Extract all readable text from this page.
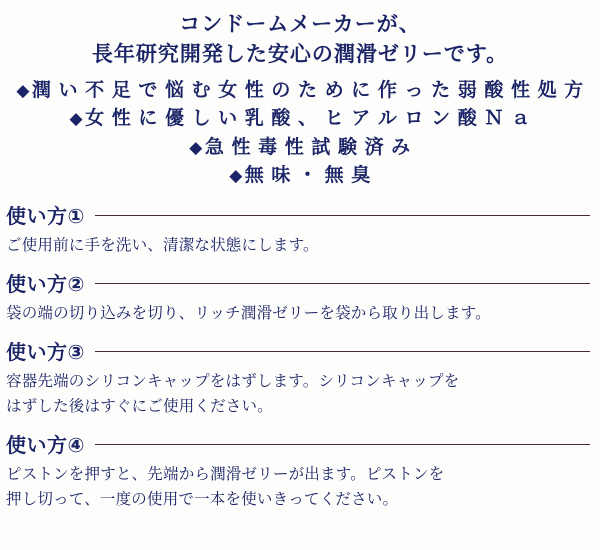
コンドームメーカーが、
長年研究開発した安心の潤滑ゼリーです。
◆ 潤 い 不 足 で 悩 む 女 性 の た め に 作 っ た 弱 酸 性 処 方
◆ 女 性 に 優 し い 乳 酸 、 ヒ ア ル ロ ン 酸 Ｎ ａ
◆ 急 性 毒 性 試 験 済 み
◆ 無 味 ・ 無 臭
使い方①
ご使用前に手を洗い、清潔な状態にします。
使い方②
袋の端の切り込みを切り、リッチ潤滑ゼリーを袋から取り出します。
使い方③
容器先端のシリコンキャップをはずします。シリコンキャップを
はずした後はすぐにご使用ください。
使い方④
ピストンを押すと、先端から潤滑ゼリーが出ます。ピストンを
押し切って、一度の使用で一本を使いきってください。
